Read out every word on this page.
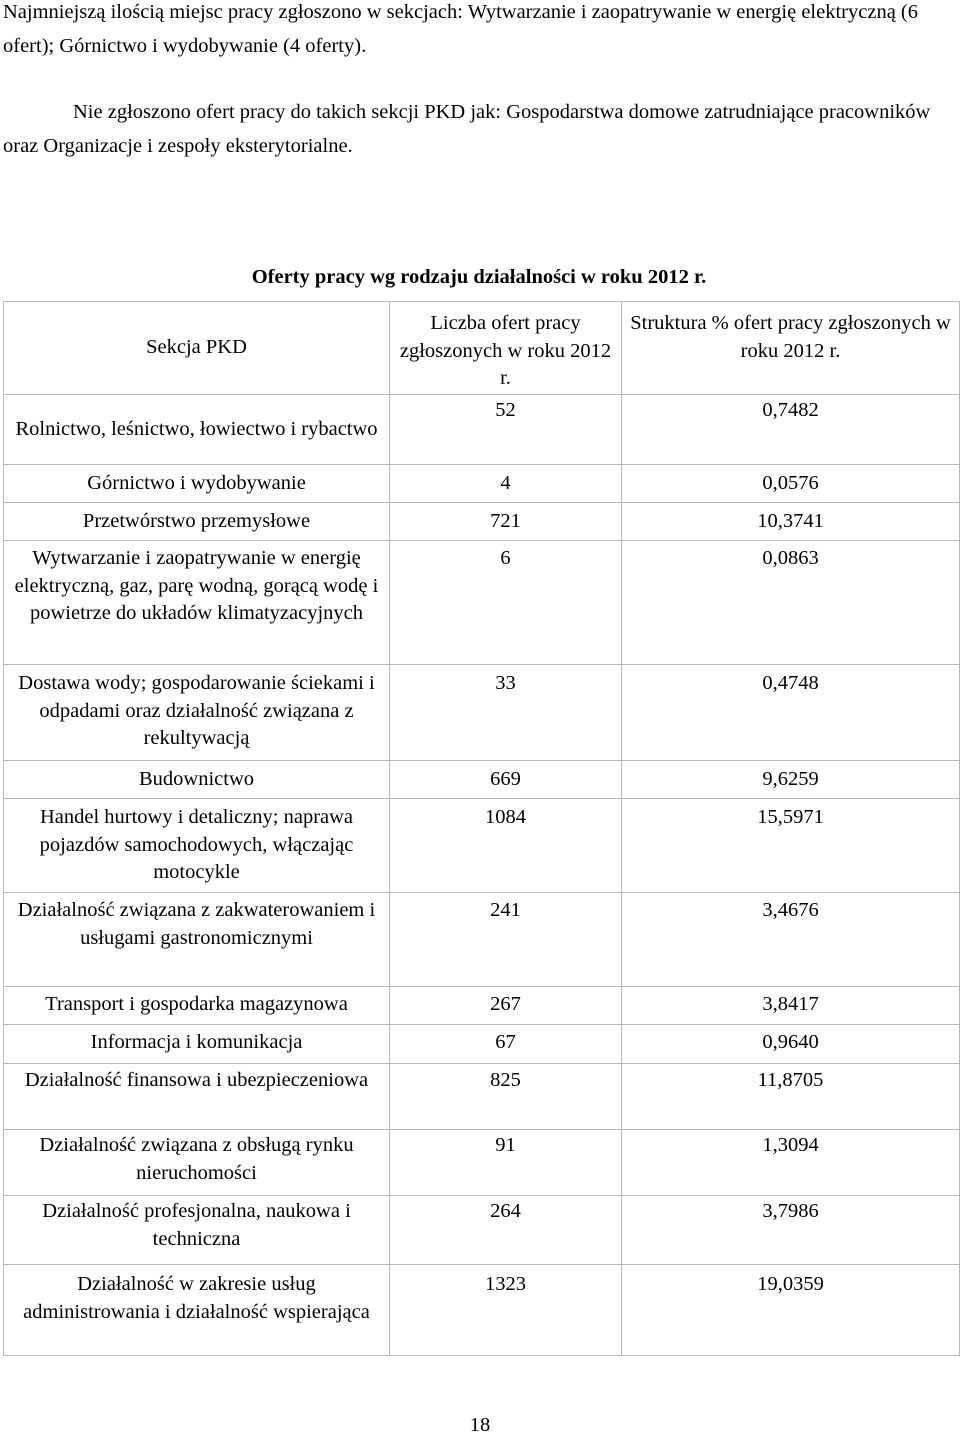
Najmniejszą ilością miejsc pracy zgłoszono w sekcjach: Wytwarzanie i zaopatrywanie w energię elektryczną (6 ofert); Górnictwo i wydobywanie (4 oferty).

Nie zgłoszono ofert pracy do takich sekcji PKD jak: Gospodarstwa domowe zatrudniające pracowników oraz Organizacje i zespoły eksterytorialne.

Oferty pracy wg rodzaju działalności w roku 2012 r.
Sekcja PKD	Liczba ofert pracy zgłoszonych w roku 2012 r.	Struktura % ofert pracy zgłoszonych w roku 2012 r.
Rolnictwo, leśnictwo, łowiectwo i rybactwo	52	0,7482
Górnictwo i wydobywanie	4	0,0576
Przetwórstwo przemysłowe	721	10,3741
Wytwarzanie i zaopatrywanie w energię elektryczną, gaz, parę wodną, gorącą wodę i powietrze do układów klimatyzacyjnych	6	0,0863
Dostawa wody; gospodarowanie ściekami i odpadami oraz działalność związana z rekultywacją	33	0,4748
Budownictwo	669	9,6259
Handel hurtowy i detaliczny; naprawa pojazdów samochodowych, włączając motocykle	1084	15,5971
Działalność związana z zakwaterowaniem i usługami gastronomicznymi	241	3,4676
Transport i gospodarka magazynowa	267	3,8417
Informacja i komunikacja	67	0,9640
Działalność finansowa i ubezpieczeniowa	825	11,8705
Działalność związana z obsługą rynku nieruchomości	91	1,3094
Działalność profesjonalna, naukowa i techniczna	264	3,7986
Działalność w zakresie usług administrowania i działalność wspierająca	1323	19,0359
18
